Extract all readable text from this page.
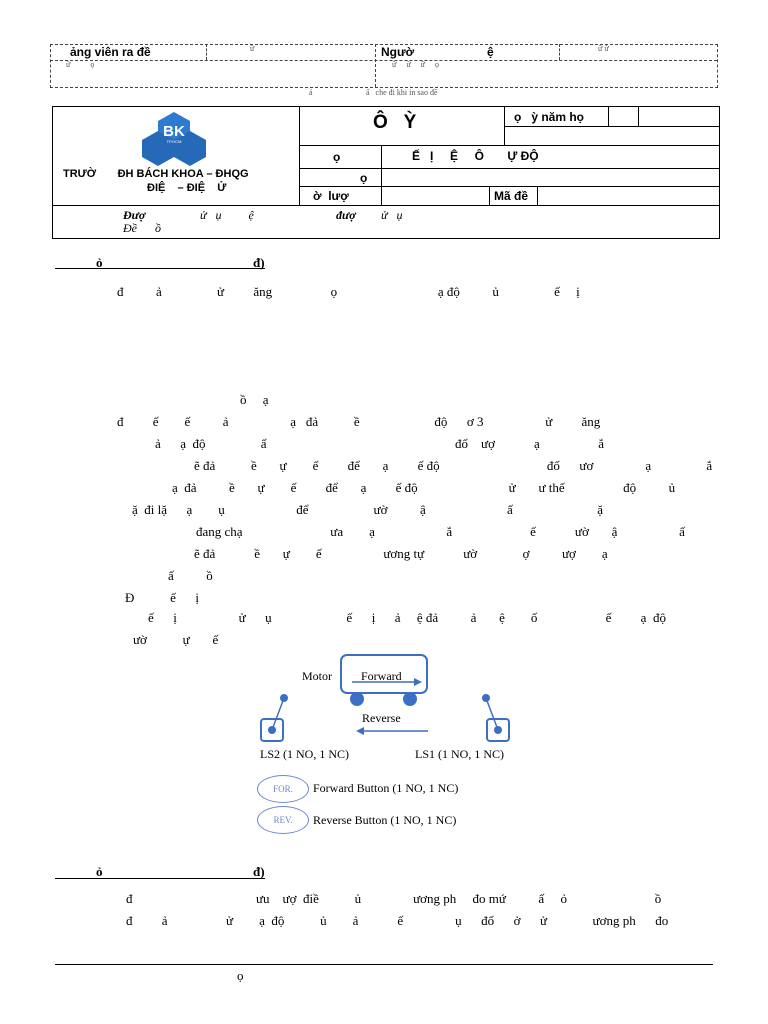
ảng viên ra đề	ữ	Ngườ	ệ	ữ ữ
ữ          ọ	ữ     ữ     ữ     ọ
ả	ấ   che đi khi in sao đề
BK
TP.HCM
TRƯỜ       ĐH BÁCH KHOA – ĐHQG
ĐIỆ    – ĐIỆ    Ử
Ô   Ỳ	ọ   ỳ năm họ
ọ	Ế   Ị     Ệ     Ô       Ự ĐỘ
ọ
ờ  lượ	Mã đề
Đượ	ử   ụ         ệ	đượ ử   ụ
Đề      ồ
ỏ	đ)
đ          ả                 ử         ăng                  ọ                               ạ độ          ủ                 ế     ị
ồ     ạ
đ         ế        ế          ả                   ạ   đả           ề                       độ      ơ 3                   ử         ăng
ả      ạ  độ                 ấ                                                          đố    ượ            ạ                  ắ
ẽ đả           ề       ự        ế         để       ạ         ế độ                                 đố      ươ                ạ                 ắ
ạ  đả          ề       ự        ế         để       ạ         ế độ                            ử       ư thế                  độ          ủ
ặ  đi lặ      ạ        ụ                      để                    ườ          ậ                         ấ                          ặ
đang chạ                           ưa        ạ                      ắ                        ế            ườ       ậ                   ấ
ẽ đả            ề       ự        ế                   ương tự            ườ              ợ          ượ        ạ
ấ          ồ
Đ           ế      ị
ế      ị                   ử      ụ                       ế      ị      ả     ệ đả          ả       ệ        ố                     ế         ạ  độ
ườ           ự       ế
Motor Forward
Reverse
LS2 (1 NO, 1 NC)	LS1 (1 NO, 1 NC)
FOR.	Forward Button (1 NO, 1 NC)
REV.	Reverse Button (1 NO, 1 NC)
ỏ	đ)
đ                                      ưu    ượ  điề           ủ                ương ph     đo mứ          ấ     ỏ                           ồ
đ         ả                  ử        ạ  độ           ủ        ả            ế                ụ      đố      ở      ử              ương ph      đo
ọ
